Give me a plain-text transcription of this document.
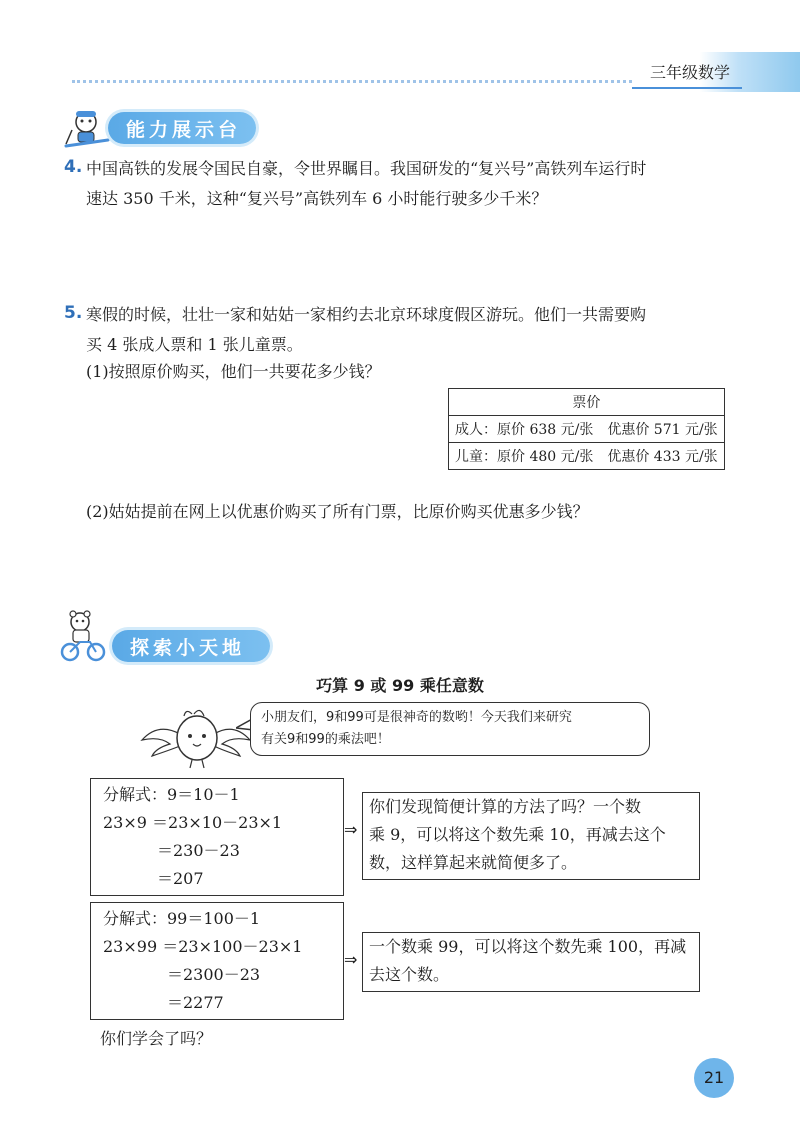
三年级数学
能力展示台
4. 中国高铁的发展令国民自豪，令世界瞩目。我国研发的“复兴号”高铁列车运行时
速达 350 千米，这种“复兴号”高铁列车 6 小时能行驶多少千米？
5. 寒假的时候，壮壮一家和姑姑一家相约去北京环球度假区游玩。他们一共需要购
买 4 张成人票和 1 张儿童票。
(1)按照原价购买，他们一共要花多少钱？
票价
成人：原价 638 元/张　优惠价 571 元/张
儿童：原价 480 元/张　优惠价 433 元/张
(2)姑姑提前在网上以优惠价购买了所有门票，比原价购买优惠多少钱？
探索小天地
巧算 9 或 99 乘任意数
小朋友们，9和99可是很神奇的数哟！今天我们来研究
有关9和99的乘法吧！
分解式：9＝10－1
23×9 ＝23×10－23×1
＝230－23
＝207
⇒
你们发现简便计算的方法了吗？一个数
乘 9，可以将这个数先乘 10，再减去这个
数，这样算起来就简便多了。
分解式：99＝100－1
23×99 ＝23×100－23×1
＝2300－23
＝2277
⇒
一个数乘 99，可以将这个数先乘 100，再减
去这个数。
你们学会了吗？
21
